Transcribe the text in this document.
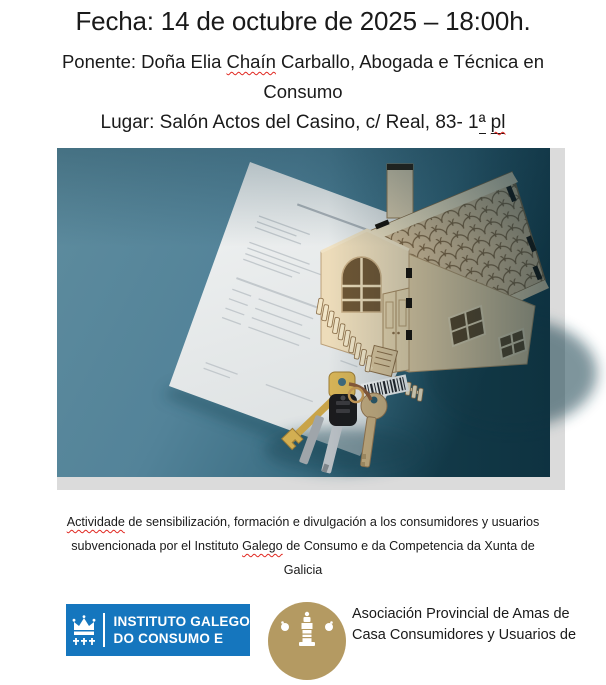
Fecha: 14 de octubre de 2025 – 18:00h.
Ponente: Doña Elia Chaín Carballo, Abogada e Técnica en
Consumo
Lugar: Salón Actos del Casino, c/ Real, 83- 1ª pl
Actividade de sensibilización, formación e divulgación a los consumidores y usuarios
subvencionada por el Instituto Galego de Consumo e da Competencia da Xunta de
Galicia
INSTITUTO GALEGO
DO CONSUMO E
Asociación Provincial de Amas de
Casa Consumidores y Usuarios de
